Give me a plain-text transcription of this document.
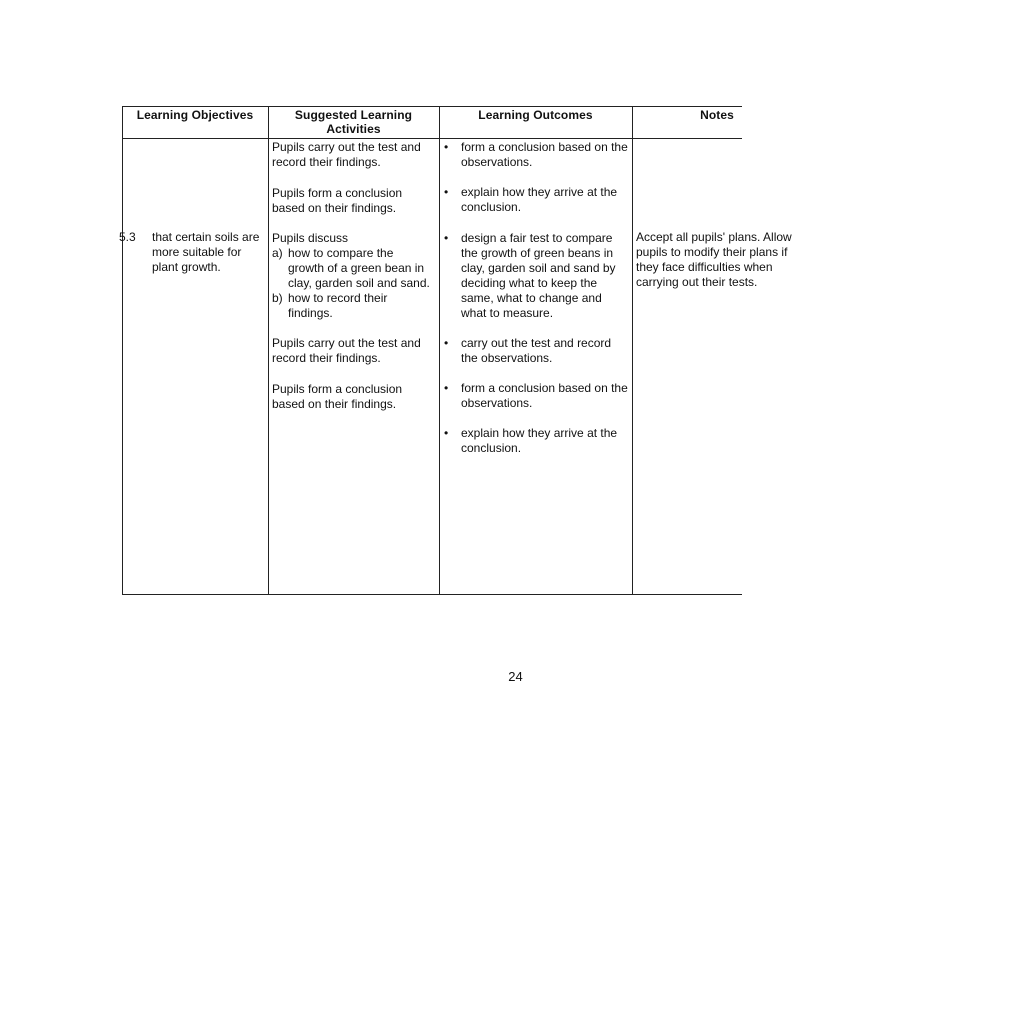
Learning Objectives	Suggested Learning Activities
Learning Outcomes	Notes
Pupils carry out the test and record their findings.
Pupils form a conclusion based on their findings.
Pupils discuss
a) how to compare the growth of a green bean in clay, garden soil and sand.
b) how to record their findings.
Pupils carry out the test and record their findings.
Pupils form a conclusion based on their findings.
5.3 that certain soils are more suitable for plant growth.
• form a conclusion based on the observations.
• explain how they arrive at the conclusion.
• design a fair test to compare the growth of green beans in clay, garden soil and sand by deciding what to keep the same, what to change and what to measure.
• carry out the test and record the observations.
• form a conclusion based on the observations.
• explain how they arrive at the conclusion.
Accept all pupils' plans. Allow pupils to modify their plans if they face difficulties when carrying out their tests.
24
